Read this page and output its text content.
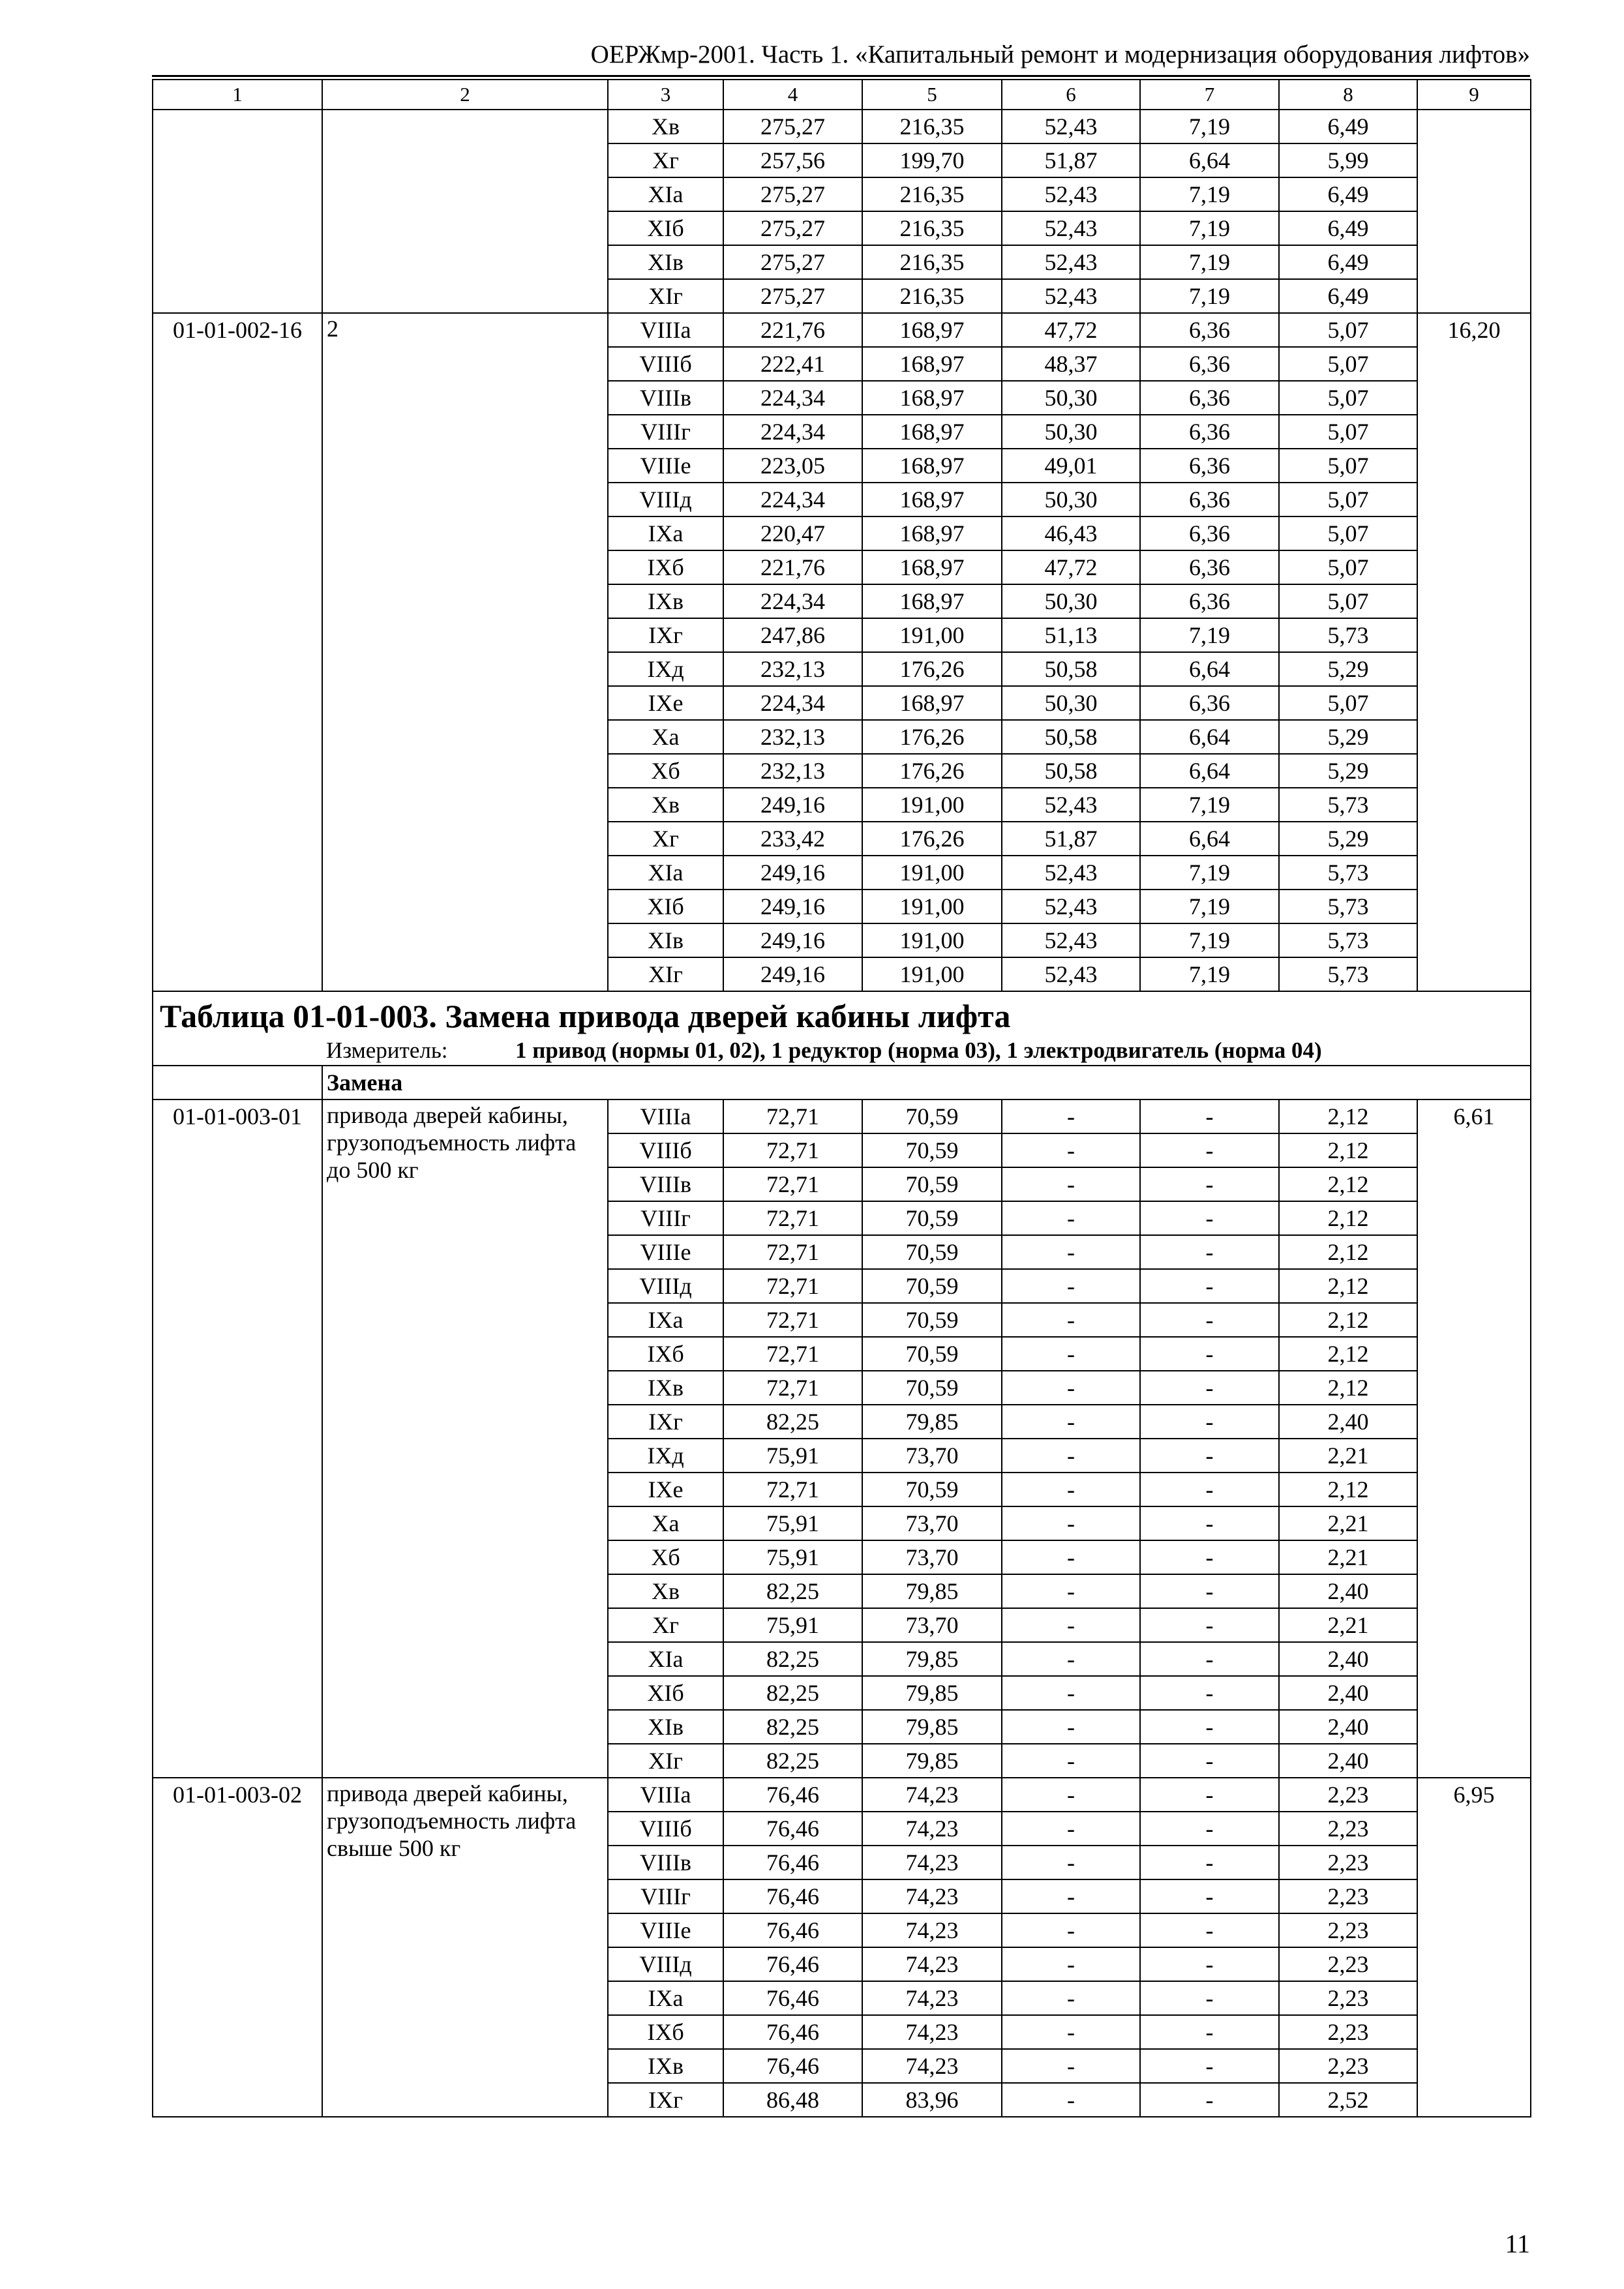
ОЕРЖмр-2001. Часть 1. «Капитальный ремонт и модернизация оборудования лифтов»
1	2	3	4	5	6	7	8	9
		Xв	275,27	216,35	52,43	7,19	6,49	
		Xг	257,56	199,70	51,87	6,64	5,99	
		XIа	275,27	216,35	52,43	7,19	6,49	
		XIб	275,27	216,35	52,43	7,19	6,49	
		XIв	275,27	216,35	52,43	7,19	6,49	
		XIг	275,27	216,35	52,43	7,19	6,49	
01-01-002-16	2	VIIIа	221,76	168,97	47,72	6,36	5,07	16,20
		VIIIб	222,41	168,97	48,37	6,36	5,07	
		VIIIв	224,34	168,97	50,30	6,36	5,07	
		VIIIг	224,34	168,97	50,30	6,36	5,07	
		VIIIе	223,05	168,97	49,01	6,36	5,07	
		VIIIд	224,34	168,97	50,30	6,36	5,07	
		IXа	220,47	168,97	46,43	6,36	5,07	
		IXб	221,76	168,97	47,72	6,36	5,07	
		IXв	224,34	168,97	50,30	6,36	5,07	
		IXг	247,86	191,00	51,13	7,19	5,73	
		IXд	232,13	176,26	50,58	6,64	5,29	
		IXе	224,34	168,97	50,30	6,36	5,07	
		Xа	232,13	176,26	50,58	6,64	5,29	
		Xб	232,13	176,26	50,58	6,64	5,29	
		Xв	249,16	191,00	52,43	7,19	5,73	
		Xг	233,42	176,26	51,87	6,64	5,29	
		XIа	249,16	191,00	52,43	7,19	5,73	
		XIб	249,16	191,00	52,43	7,19	5,73	
		XIв	249,16	191,00	52,43	7,19	5,73	
		XIг	249,16	191,00	52,43	7,19	5,73	

Таблица 01-01-003. Замена привода дверей кабины лифта
Измеритель: 1 привод (нормы 01, 02), 1 редуктор (норма 03), 1 электродвигатель (норма 04)								

	Замена							
01-01-003-01	привода дверей кабины, грузоподъемность лифта до 500 кг	VIIIа	72,71	70,59	-	-	2,12	6,61
		VIIIб	72,71	70,59	-	-	2,12	
		VIIIв	72,71	70,59	-	-	2,12	
		VIIIг	72,71	70,59	-	-	2,12	
		VIIIе	72,71	70,59	-	-	2,12	
		VIIIд	72,71	70,59	-	-	2,12	
		IXа	72,71	70,59	-	-	2,12	
		IXб	72,71	70,59	-	-	2,12	
		IXв	72,71	70,59	-	-	2,12	
		IXг	82,25	79,85	-	-	2,40	
		IXд	75,91	73,70	-	-	2,21	
		IXе	72,71	70,59	-	-	2,12	
		Xа	75,91	73,70	-	-	2,21	
		Xб	75,91	73,70	-	-	2,21	
		Xв	82,25	79,85	-	-	2,40	
		Xг	75,91	73,70	-	-	2,21	
		XIа	82,25	79,85	-	-	2,40	
		XIб	82,25	79,85	-	-	2,40	
		XIв	82,25	79,85	-	-	2,40	
		XIг	82,25	79,85	-	-	2,40	
01-01-003-02	привода дверей кабины, грузоподъемность лифта свыше 500 кг	VIIIа	76,46	74,23	-	-	2,23	6,95
		VIIIб	76,46	74,23	-	-	2,23	
		VIIIв	76,46	74,23	-	-	2,23	
		VIIIг	76,46	74,23	-	-	2,23	
		VIIIе	76,46	74,23	-	-	2,23	
		VIIIд	76,46	74,23	-	-	2,23	
		IXа	76,46	74,23	-	-	2,23	
		IXб	76,46	74,23	-	-	2,23	
		IXв	76,46	74,23	-	-	2,23	
		IXг	86,48	83,96	-	-	2,52	
11
